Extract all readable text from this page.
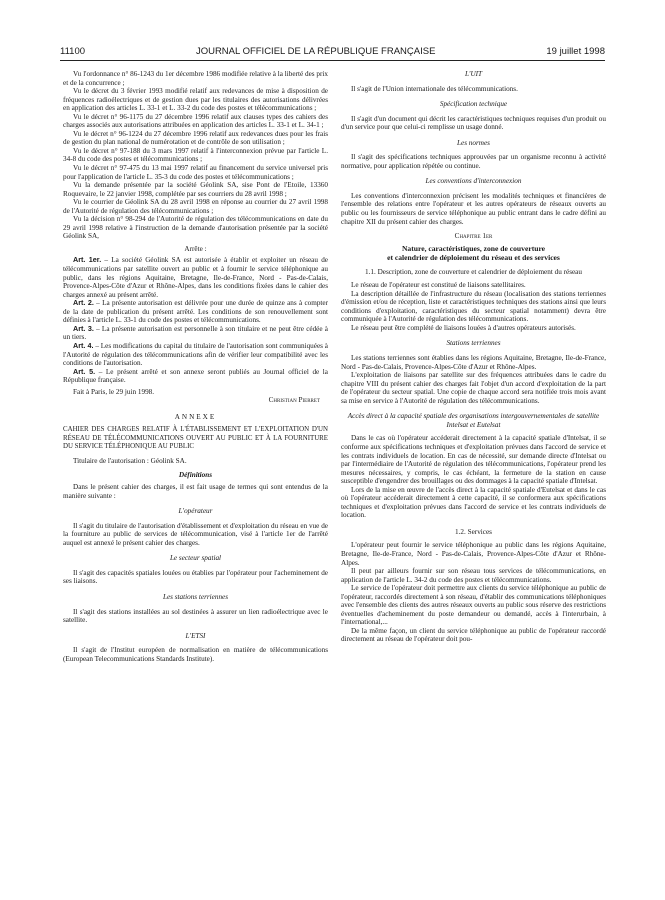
11100	JOURNAL OFFICIEL DE LA RÉPUBLIQUE FRANÇAISE	19 juillet 1998

Vu l'ordonnance n° 86-1243 du 1er décembre 1986 modifiée relative à la liberté des prix et de la concurrence ;

Vu le décret du 3 février 1993 modifié relatif aux redevances de mise à disposition de fréquences radioélectriques et de gestion dues par les titulaires des autorisations délivrées en application des articles L. 33-1 et L. 33-2 du code des postes et télécommunications ;

Vu le décret n° 96-1175 du 27 décembre 1996 relatif aux clauses types des cahiers des charges associés aux autorisations attribuées en application des articles L. 33-1 et L. 34-1 ;

Vu le décret n° 96-1224 du 27 décembre 1996 relatif aux redevances dues pour les frais de gestion du plan national de numérotation et de contrôle de son utilisation ;

Vu le décret n° 97-188 du 3 mars 1997 relatif à l'interconnexion prévue par l'article L. 34-8 du code des postes et télécommunications ;

Vu le décret n° 97-475 du 13 mai 1997 relatif au financement du service universel pris pour l'application de l'article L. 35-3 du code des postes et télécommunications ;

Vu la demande présentée par la société Géolink SA, sise Pont de l'Etoile, 13360 Roquevaire, le 22 janvier 1998, complétée par ses courriers du 28 avril 1998 ;

Vu le courrier de Géolink SA du 28 avril 1998 en réponse au courrier du 27 avril 1998 de l'Autorité de régulation des télécommunications ;

Vu la décision n° 98-294 de l'Autorité de régulation des télécommunications en date du 29 avril 1998 relative à l'instruction de la demande d'autorisation présentée par la société Géolink SA,

Arrête :

Art. 1er. – La société Géolink SA est autorisée à établir et exploiter un réseau de télécommunications par satellite ouvert au public et à fournir le service téléphonique au public, dans les régions Aquitaine, Bretagne, Ile-de-France, Nord - Pas-de-Calais, Provence-Alpes-Côte d'Azur et Rhône-Alpes, dans les conditions fixées dans le cahier des charges annexé au présent arrêté.

Art. 2. – La présente autorisation est délivrée pour une durée de quinze ans à compter de la date de publication du présent arrêté. Les conditions de son renouvellement sont définies à l'article L. 33-1 du code des postes et télécommunications.

Art. 3. – La présente autorisation est personnelle à son titulaire et ne peut être cédée à un tiers.

Art. 4. – Les modifications du capital du titulaire de l'autorisation sont communiquées à l'Autorité de régulation des télécommunications afin de vérifier leur compatibilité avec les conditions de l'autorisation.

Art. 5. – Le présent arrêté et son annexe seront publiés au Journal officiel de la République française.

Fait à Paris, le 29 juin 1998.

Christian Pierret

ANNEXE

CAHIER DES CHARGES RELATIF À L'ÉTABLISSEMENT ET L'EXPLOITATION D'UN RÉSEAU DE TÉLÉCOMMUNICATIONS OUVERT AU PUBLIC ET À LA FOURNITURE DU SERVICE TÉLÉPHONIQUE AU PUBLIC

Titulaire de l'autorisation : Géolink SA.

Définitions

Dans le présent cahier des charges, il est fait usage de termes qui sont entendus de la manière suivante :

L'opérateur

Il s'agit du titulaire de l'autorisation d'établissement et d'exploitation du réseau en vue de la fourniture au public de services de télécommunication, visé à l'article 1er de l'arrêté auquel est annexé le présent cahier des charges.

Le secteur spatial

Il s'agit des capacités spatiales louées ou établies par l'opérateur pour l'acheminement de ses liaisons.

Les stations terriennes

Il s'agit des stations installées au sol destinées à assurer un lien radioélectrique avec le satellite.

L'ETSI

Il s'agit de l'Institut européen de normalisation en matière de télécommunications (European Telecommunications Standards Institute).

L'UIT

Il s'agit de l'Union internationale des télécommunications.

Spécification technique

Il s'agit d'un document qui décrit les caractéristiques techniques requises d'un produit ou d'un service pour que celui-ci remplisse un usage donné.

Les normes

Il s'agit des spécifications techniques approuvées par un organisme reconnu à activité normative, pour application répétée ou continue.

Les conventions d'interconnexion

Les conventions d'interconnexion précisent les modalités techniques et financières de l'ensemble des relations entre l'opérateur et les autres opérateurs de réseaux ouverts au public ou les fournisseurs de service téléphonique au public entrant dans le cadre défini au chapitre XII du présent cahier des charges.

Chapitre 1er

Nature, caractéristiques, zone de couverture
et calendrier de déploiement du réseau et des services

1.1. Description, zone de couverture et calendrier de déploiement du réseau

Le réseau de l'opérateur est constitué de liaisons satellitaires.

La description détaillée de l'infrastructure du réseau (localisation des stations terriennes d'émission et/ou de réception, liste et caractéristiques techniques des stations ainsi que leurs conditions d'exploitation, caractéristiques du secteur spatial notamment) devra être communiquée à l'Autorité de régulation des télécommunications.

Le réseau peut être complété de liaisons louées à d'autres opérateurs autorisés.

Stations terriennes

Les stations terriennes sont établies dans les régions Aquitaine, Bretagne, Ile-de-France, Nord - Pas-de-Calais, Provence-Alpes-Côte d'Azur et Rhône-Alpes.

L'exploitation de liaisons par satellite sur des fréquences attribuées dans le cadre du chapitre VIII du présent cahier des charges fait l'objet d'un accord d'exploitation de la part de l'opérateur du secteur spatial. Une copie de chaque accord sera notifiée trois mois avant sa mise en service à l'Autorité de régulation des télécommunications.

Accès direct à la capacité spatiale des organisations intergouvernementales de satellite Intelsat et Eutelsat

Dans le cas où l'opérateur accéderait directement à la capacité spatiale d'Intelsat, il se conforme aux spécifications techniques et d'exploitation prévues dans l'accord de service et les contrats individuels de location. En cas de nécessité, sur demande directe d'Intelsat ou par l'intermédiaire de l'Autorité de régulation des télécommunications, l'opérateur prend les mesures nécessaires, y compris, le cas échéant, la fermeture de la station en cause susceptible d'engendrer des brouillages ou des dommages à la capacité spatiale d'Intelsat.

Lors de la mise en œuvre de l'accès direct à la capacité spatiale d'Eutelsat et dans le cas où l'opérateur accéderait directement à cette capacité, il se conformera aux spécifications techniques et d'exploitation prévues dans l'accord de service et les contrats individuels de location.

1.2. Services

L'opérateur peut fournir le service téléphonique au public dans les régions Aquitaine, Bretagne, Ile-de-France, Nord - Pas-de-Calais, Provence-Alpes-Côte d'Azur et Rhône-Alpes.

Il peut par ailleurs fournir sur son réseau tous services de télécommunications, en application de l'article L. 34-2 du code des postes et télécommunications.

Le service de l'opérateur doit permettre aux clients du service téléphonique au public de l'opérateur, raccordés directement à son réseau, d'établir des communications téléphoniques avec l'ensemble des clients des autres réseaux ouverts au public sous réserve des restrictions éventuelles d'acheminement du poste demandeur ou demandé, accès à l'interurbain, à l'international,...

De la même façon, un client du service téléphonique au public de l'opérateur raccordé directement au réseau de l'opérateur doit pou-
